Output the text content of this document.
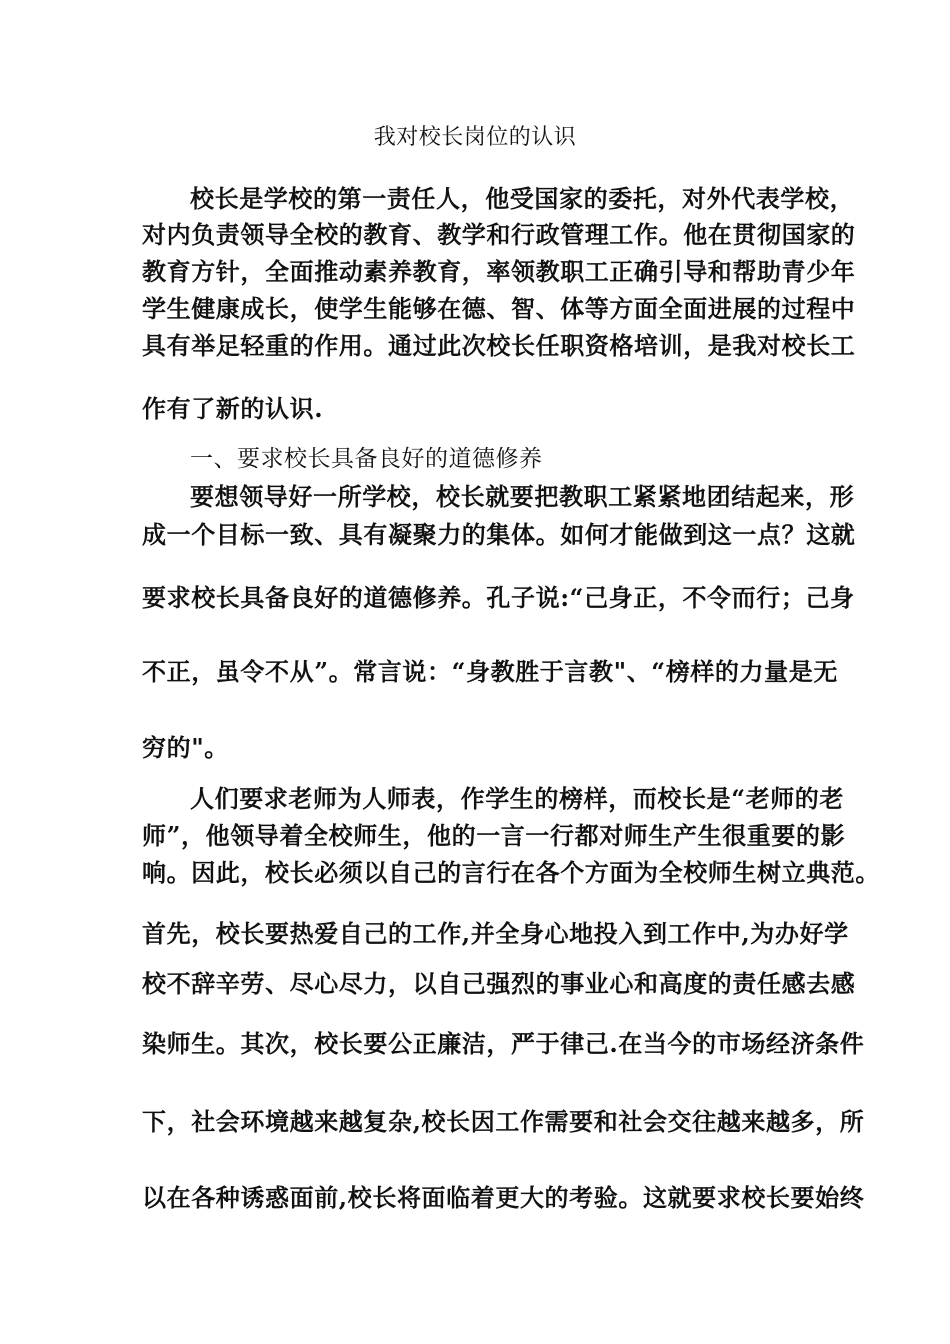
我对校长岗位的认识
校长是学校的第一责任人，他受国家的委托，对外代表学校，
对内负责领导全校的教育、教学和行政管理工作。他在贯彻国家的
教育方针，全面推动素养教育，率领教职工正确引导和帮助青少年
学生健康成长，使学生能够在德、智、体等方面全面进展的过程中
具有举足轻重的作用。通过此次校长任职资格培训，是我对校长工
作有了新的认识.
一、要求校长具备良好的道德修养
要想领导好一所学校，校长就要把教职工紧紧地团结起来，形
成一个目标一致、具有凝聚力的集体。如何才能做到这一点？这就
要求校长具备良好的道德修养。孔子说:“己身正，不令而行；己身
不正，虽令不从”。常言说：“身教胜于言教"、“榜样的力量是无
穷的"。
人们要求老师为人师表，作学生的榜样，而校长是“老师的老
师”，他领导着全校师生，他的一言一行都对师生产生很重要的影
响。因此，校长必须以自己的言行在各个方面为全校师生树立典范。
首先，校长要热爱自己的工作,并全身心地投入到工作中,为办好学
校不辞辛劳、尽心尽力，以自己强烈的事业心和高度的责任感去感
染师生。其次，校长要公正廉洁，严于律己.在当今的市场经济条件
下，社会环境越来越复杂,校长因工作需要和社会交往越来越多，所
以在各种诱惑面前,校长将面临着更大的考验。这就要求校长要始终
